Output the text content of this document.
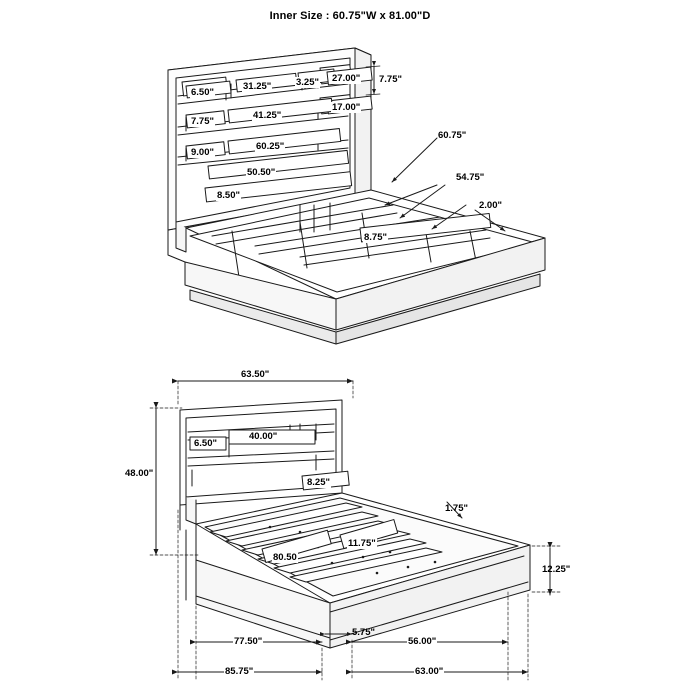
Inner Size : 60.75"W x 81.00"D
6.50"
31.25"	3.25" 27.00" 7.75"
17.00"
7.75"
41.25"
9.00"
60.25"
50.50"
8.50"
8.75"
60.75"
54.75"
2.00"
63.50"
6.50"
40.00"
48.00"
8.25"
1.75"
11.75"
80.50
12.25"
5.75"
77.50"	56.00"
85.75"	63.00"
